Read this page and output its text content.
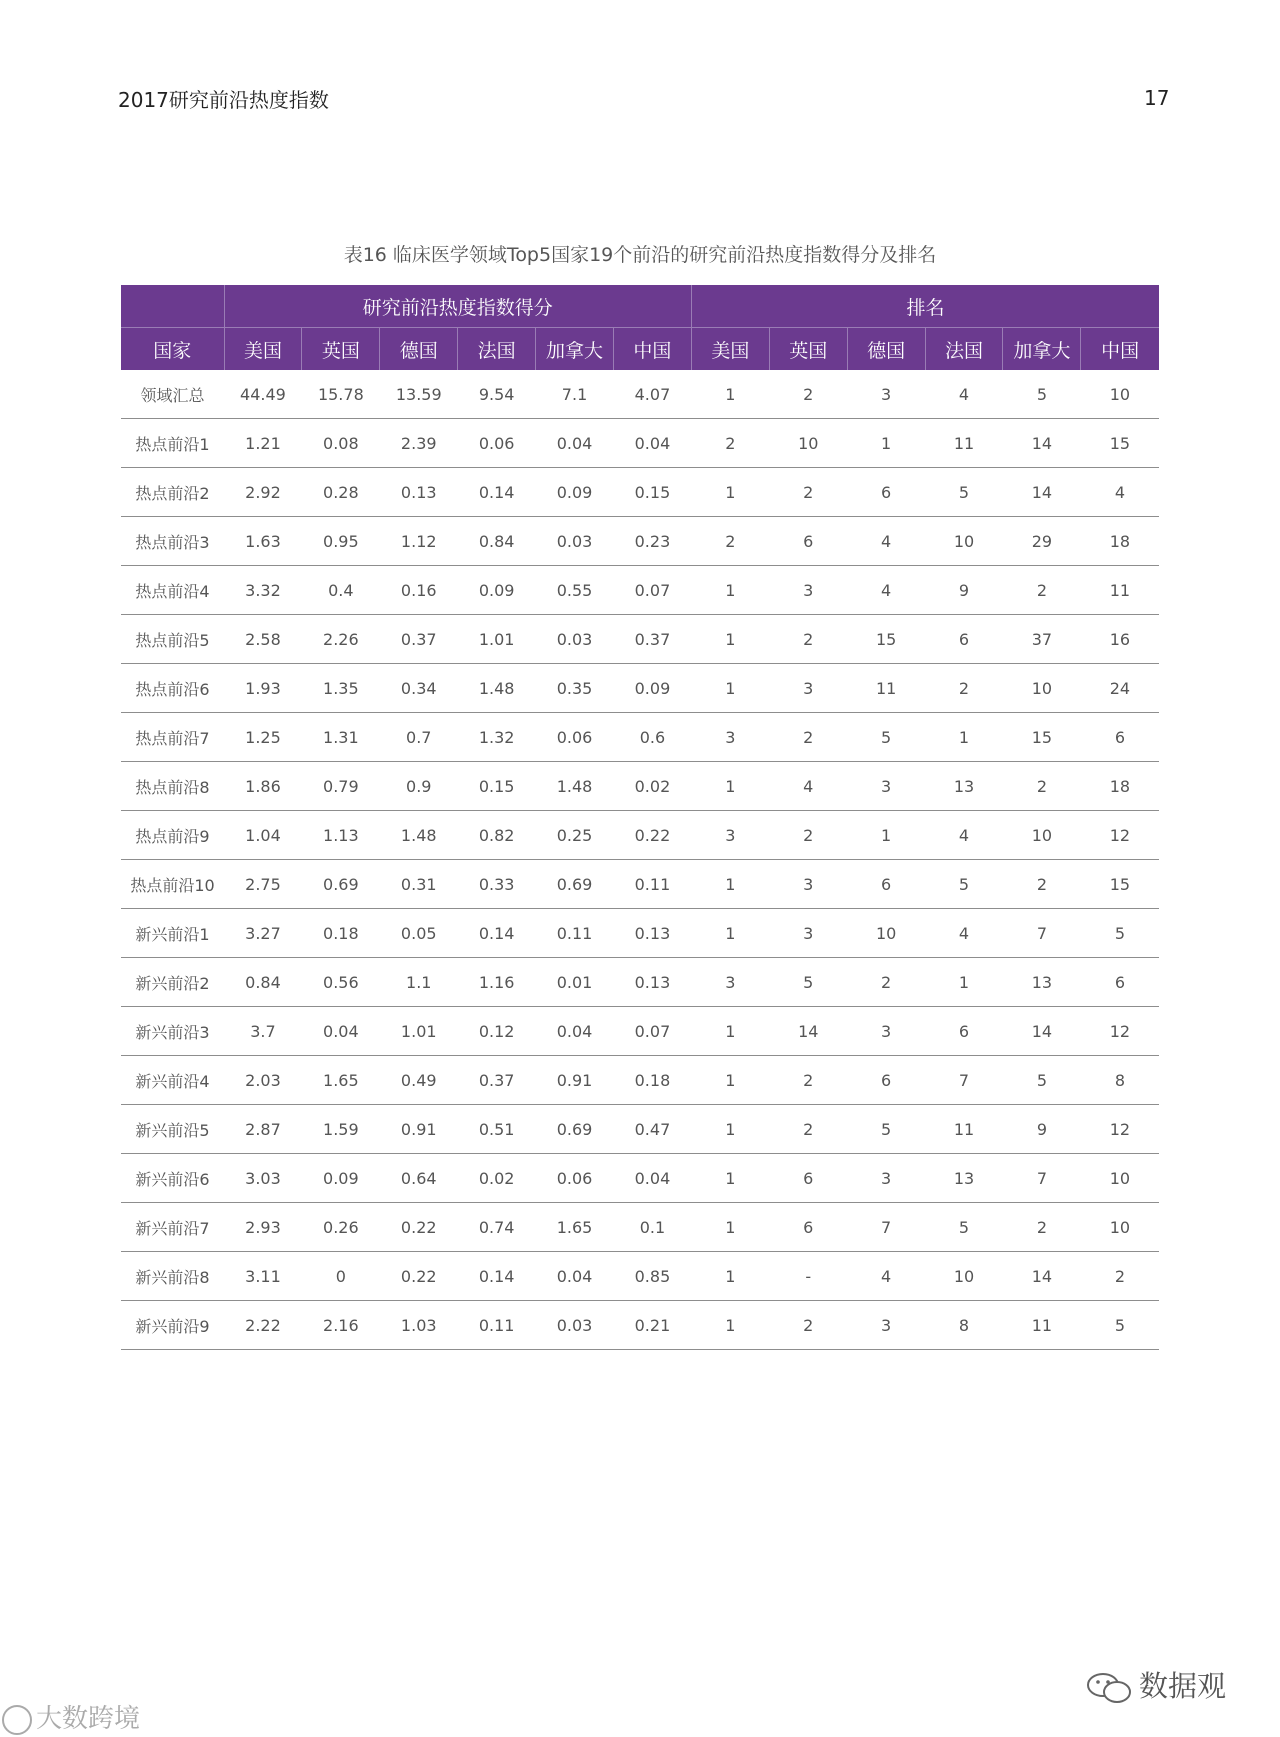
2017研究前沿热度指数	17
表16 临床医学领域Top5国家19个前沿的研究前沿热度指数得分及排名
	研究前沿热度指数得分						排名					
国家	美国	英国	德国	法国	加拿大	中国	美国	英国	德国	法国	加拿大	中国
领域汇总	44.49	15.78	13.59	9.54	7.1	4.07	1	2	3	4	5	10
热点前沿1	1.21	0.08	2.39	0.06	0.04	0.04	2	10	1	11	14	15
热点前沿2	2.92	0.28	0.13	0.14	0.09	0.15	1	2	6	5	14	4
热点前沿3	1.63	0.95	1.12	0.84	0.03	0.23	2	6	4	10	29	18
热点前沿4	3.32	0.4	0.16	0.09	0.55	0.07	1	3	4	9	2	11
热点前沿5	2.58	2.26	0.37	1.01	0.03	0.37	1	2	15	6	37	16
热点前沿6	1.93	1.35	0.34	1.48	0.35	0.09	1	3	11	2	10	24
热点前沿7	1.25	1.31	0.7	1.32	0.06	0.6	3	2	5	1	15	6
热点前沿8	1.86	0.79	0.9	0.15	1.48	0.02	1	4	3	13	2	18
热点前沿9	1.04	1.13	1.48	0.82	0.25	0.22	3	2	1	4	10	12
热点前沿10	2.75	0.69	0.31	0.33	0.69	0.11	1	3	6	5	2	15
新兴前沿1	3.27	0.18	0.05	0.14	0.11	0.13	1	3	10	4	7	5
新兴前沿2	0.84	0.56	1.1	1.16	0.01	0.13	3	5	2	1	13	6
新兴前沿3	3.7	0.04	1.01	0.12	0.04	0.07	1	14	3	6	14	12
新兴前沿4	2.03	1.65	0.49	0.37	0.91	0.18	1	2	6	7	5	8
新兴前沿5	2.87	1.59	0.91	0.51	0.69	0.47	1	2	5	11	9	12
新兴前沿6	3.03	0.09	0.64	0.02	0.06	0.04	1	6	3	13	7	10
新兴前沿7	2.93	0.26	0.22	0.74	1.65	0.1	1	6	7	5	2	10
新兴前沿8	3.11	0	0.22	0.14	0.04	0.85	1	-	4	10	14	2
新兴前沿9	2.22	2.16	1.03	0.11	0.03	0.21	1	2	3	8	11	5
大数跨境
数据观
